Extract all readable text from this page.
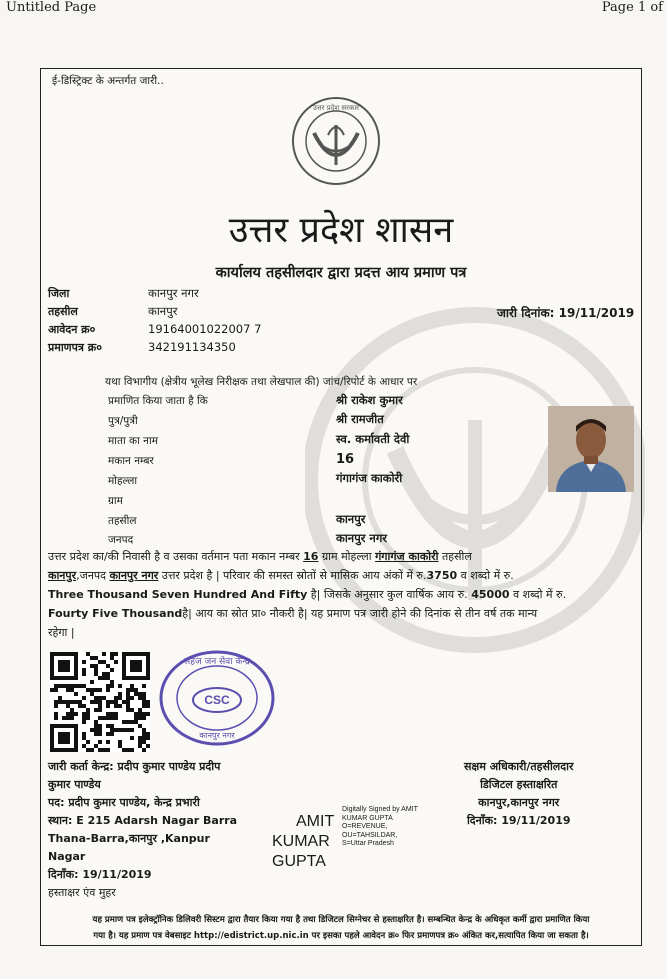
Untitled Page	Page 1 of
ई-डिस्ट्रिक्ट के अन्तर्गत जारी..
उत्तर प्रदेश सरकार
उत्तर प्रदेश शासन
कार्यालय तहसीलदार द्वारा प्रदत्त आय प्रमाण पत्र
जिला	कानपुर नगर
तहसील	कानपुर	जारी दिनांक: 19/11/2019
आवेदन क्र०	19164001022007 7
प्रमाणपत्र क्र०	342191134350
यथा विभागीय (क्षेत्रीय भूलेख निरीक्षक तथा लेखपाल की) जांच/रिपोर्ट के आधार पर
प्रमाणित किया जाता है कि	श्री राकेश कुमार
पुत्र/पुत्री	श्री रामजीत
माता का नाम	स्व. कर्मावती देवी
मकान नम्बर	16
मोहल्ला	गंगागंज काकोरी
ग्राम
तहसील	कानपुर
जनपद	कानपुर नगर
उत्तर प्रदेश का/की निवासी है व उसका वर्तमान पता मकान नम्बर 16 ग्राम मोहल्ला गंगागंज काकोरी तहसील
कानपुर,जनपद कानपुर नगर उत्तर प्रदेश है | परिवार की समस्त स्रोतों से मासिक आय अंकों में रु.3750 व शब्दो में रु.
Three Thousand Seven Hundred And Fifty है| जिसके अनुसार कुल वार्षिक आय रु. 45000 व शब्दो में रु.
Fourty Five Thousandहै| आय का स्रोत प्रा० नौकरी है| यह प्रमाण पत्र जारी होने की दिनांक से तीन वर्ष तक मान्य
रहेगा |
CSC
सहज जन सेवा केन्द्र
कानपुर नगर
जारी कर्ता केन्द्र: प्रदीप कुमार पाण्डेय प्रदीप
कुमार पाण्डेय
पद: प्रदीप कुमार पाण्डेय, केन्द्र प्रभारी
स्थान: E 215 Adarsh Nagar Barra
Thana-Barra,कानपुर ,Kanpur
Nagar
दिनाँक: 19/11/2019
हस्ताक्षर एंव मुहर
AMIT
KUMAR
GUPTA
Digitally Signed by AMIT
KUMAR GUPTA
O=REVENUE,
OU=TAHSILDAR,
S=Uttar Pradesh
सक्षम अधिकारी/तहसीलदार
डिजिटल हस्ताक्षरित
कानपुर,कानपुर नगर
दिनाँक: 19/11/2019
यह प्रमाण पत्र इलेक्ट्रॉनिक डिलिवरी सिस्टम द्वारा तैयार किया गया है तथा डिजिटल सिग्नेचर से हस्ताक्षरित है। सम्बन्धित केन्द्र के अधिकृत कर्मी द्वारा प्रमाणित किया
गया है। यह प्रमाण पत्र वेबसाइट http://edistrict.up.nic.in पर इसका पहले आवेदन क्र० फिर प्रमाणपत्र क्र० अंकित कर,सत्यापित किया जा सकता है।
